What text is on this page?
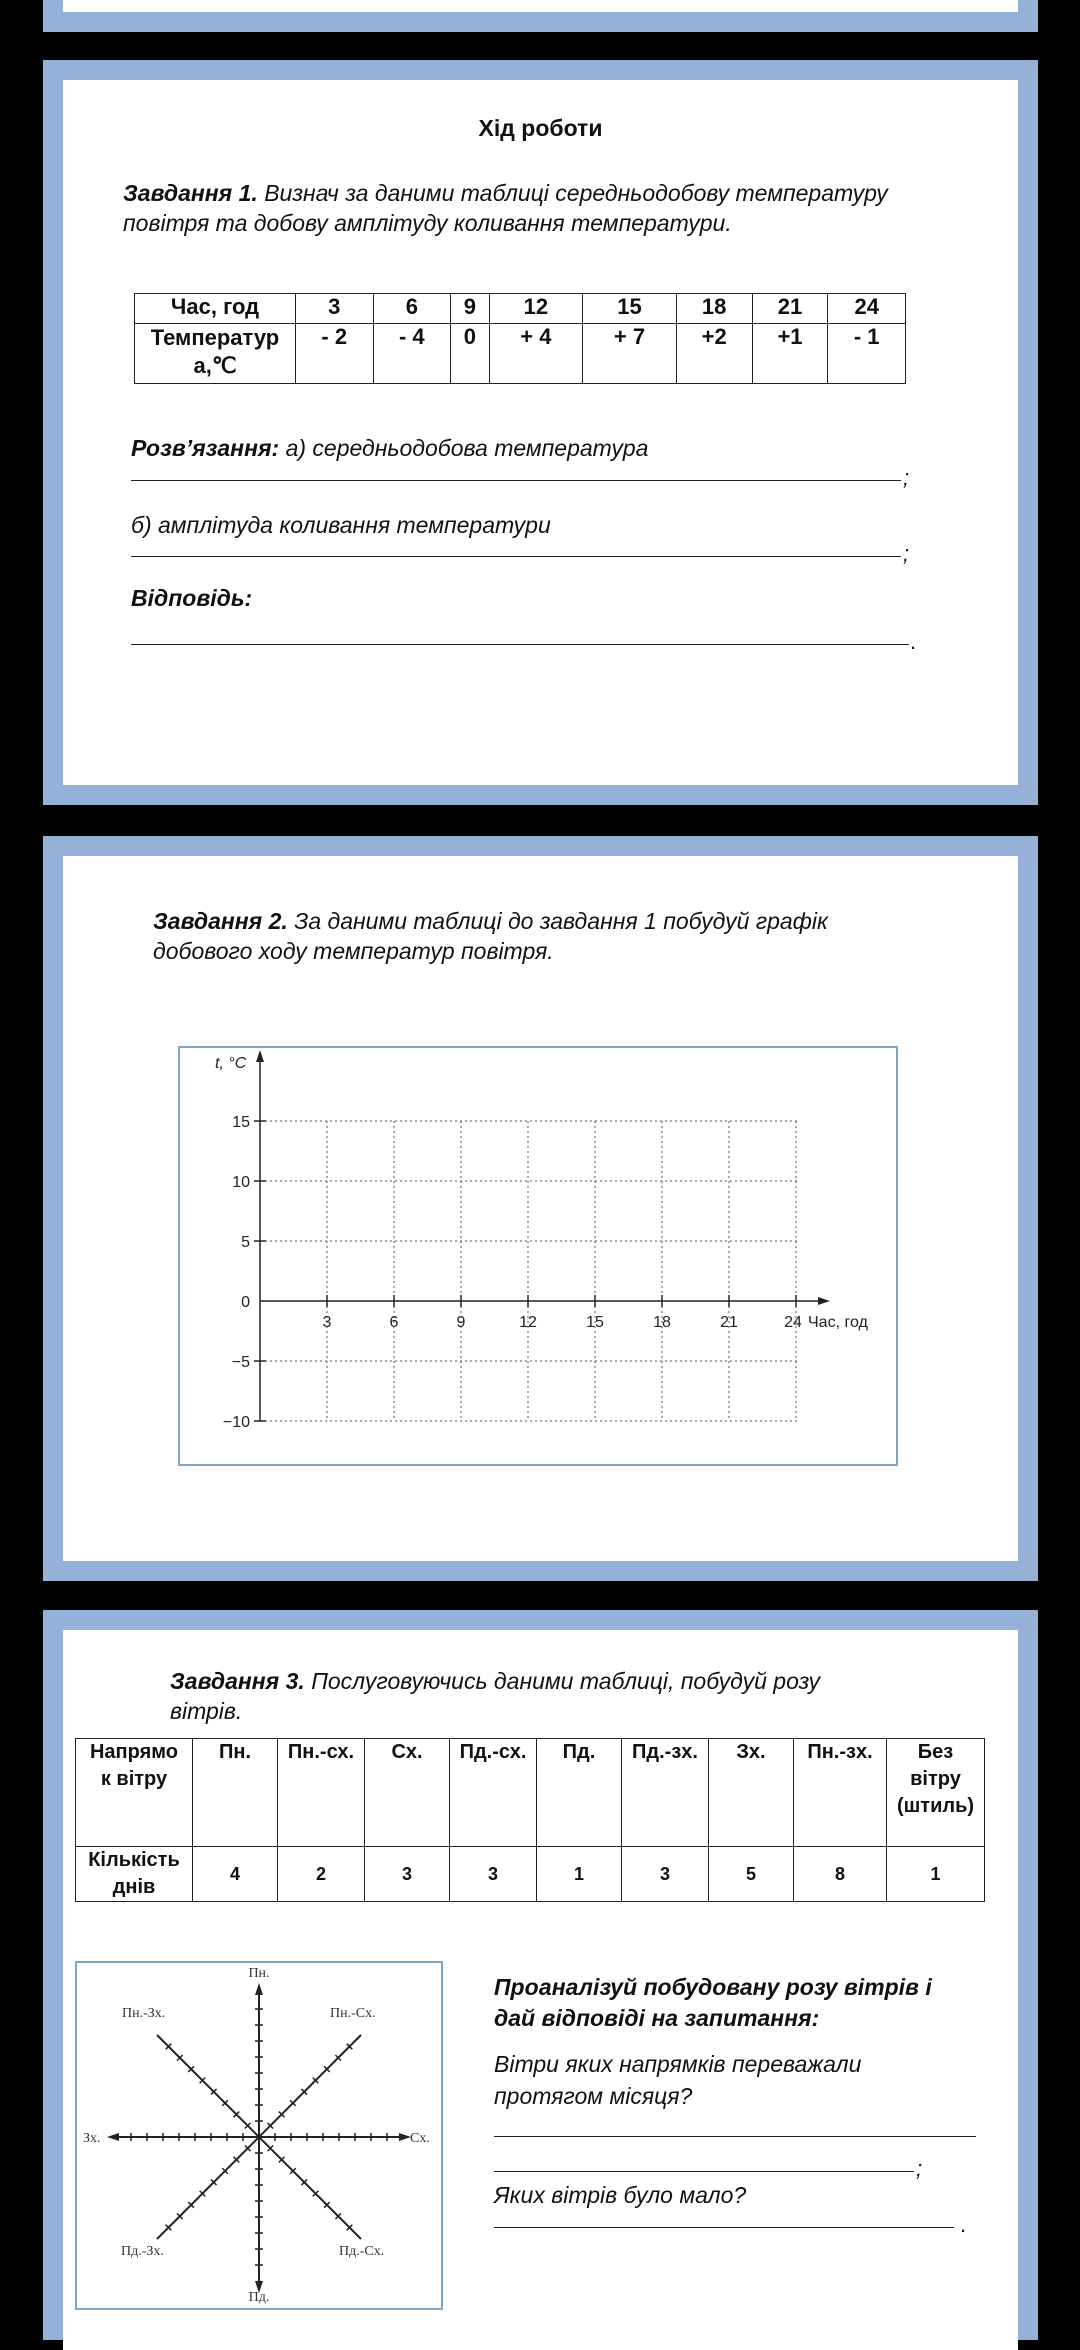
Хід роботи
Завдання 1. Визнач за даними таблиці середньодобову температуру
повітря та добову амплітуду коливання температури.
Час, год	3	6	9	12	15	18	21	24
Температур
а,℃	- 2	- 4	0	+ 4	+ 7	+2	+1	- 1
Розв’язання: а) середньодобова температура
;
б) амплітуда коливання температури
;
Відповідь:
.
Завдання 2. За даними таблиці до завдання 1 побудуй графік
добового ходу температур повітря.
t, °C
15
10
5
0
−5
−10
3	6	9	12	15	18	21	24 Час, год
Завдання 3. Послуговуючись даними таблиці, побудуй розу
вітрів.
Напрямо
к вітру	Пн.	Пн.-сх.	Сх.	Пд.-сх.	Пд.	Пд.-зх.	Зх.	Пн.-зх.	Без
вітру
(штиль)
Кількість
днів	4	2	3	3	1	3	5	8	1
Пн.
Пн.-Зх.	Пн.-Сх.
Зх.	Сх.
Пд.-Зх.	Пд.-Сх.
Пд.
Проаналізуй побудовану розу вітрів і
дай відповіді на запитання:
Вітри яких напрямків переважали
протягом місяця?
;
Яких вітрів було мало?
.
